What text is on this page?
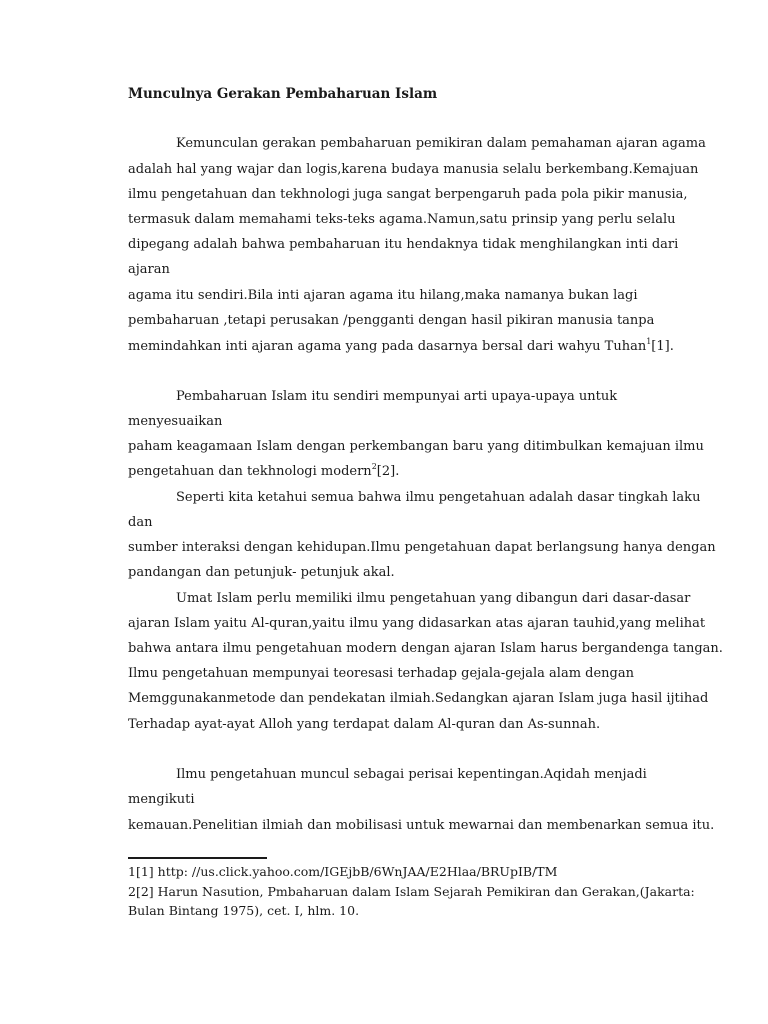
Munculnya Gerakan Pembaharuan Islam
Kemunculan gerakan pembaharuan pemikiran dalam pemahaman ajaran agama
adalah hal yang wajar dan logis,karena budaya manusia selalu berkembang.Kemajuan
ilmu pengetahuan dan tekhnologi juga sangat berpengaruh pada pola pikir manusia,
termasuk dalam memahami teks-teks agama.Namun,satu prinsip yang perlu selalu
dipegang adalah bahwa pembaharuan itu hendaknya tidak menghilangkan inti dari
ajaran
agama itu sendiri.Bila inti ajaran agama itu hilang,maka namanya bukan lagi
pembaharuan ,tetapi perusakan /pengganti dengan hasil pikiran manusia tanpa
memindahkan inti ajaran agama yang pada dasarnya bersal dari wahyu Tuhan$^1$[1].
Pembaharuan Islam itu sendiri mempunyai arti upaya-upaya untuk
menyesuaikan
paham keagamaan Islam dengan perkembangan baru yang ditimbulkan kemajuan ilmu
pengetahuan dan tekhnologi modern$^2$[2].
Seperti kita ketahui semua bahwa ilmu pengetahuan adalah dasar tingkah laku
dan
sumber interaksi dengan kehidupan.Ilmu pengetahuan dapat berlangsung hanya dengan
pandangan dan petunjuk- petunjuk akal.
Umat Islam perlu memiliki ilmu pengetahuan yang dibangun dari dasar-dasar
ajaran Islam yaitu Al-quran,yaitu ilmu yang didasarkan atas ajaran tauhid,yang melihat
bahwa antara ilmu pengetahuan modern dengan ajaran Islam harus bergandenga tangan.
Ilmu pengetahuan mempunyai teoresasi terhadap gejala-gejala alam dengan
Memggunakanmetode dan pendekatan ilmiah.Sedangkan ajaran Islam juga hasil ijtihad
Terhadap ayat-ayat Alloh yang terdapat dalam Al-quran dan As-sunnah.
Ilmu pengetahuan muncul sebagai perisai kepentingan.Aqidah menjadi
mengikuti
kemauan.Penelitian ilmiah dan mobilisasi untuk mewarnai dan membenarkan semua itu.
1[1] http: //us.click.yahoo.com/IGEjbB/6WnJAA/E2Hlaa/BRUpIB/TM
2[2] Harun Nasution, Pmbaharuan dalam Islam Sejarah Pemikiran dan Gerakan,(Jakarta:
Bulan Bintang 1975), cet. I, hlm. 10.
